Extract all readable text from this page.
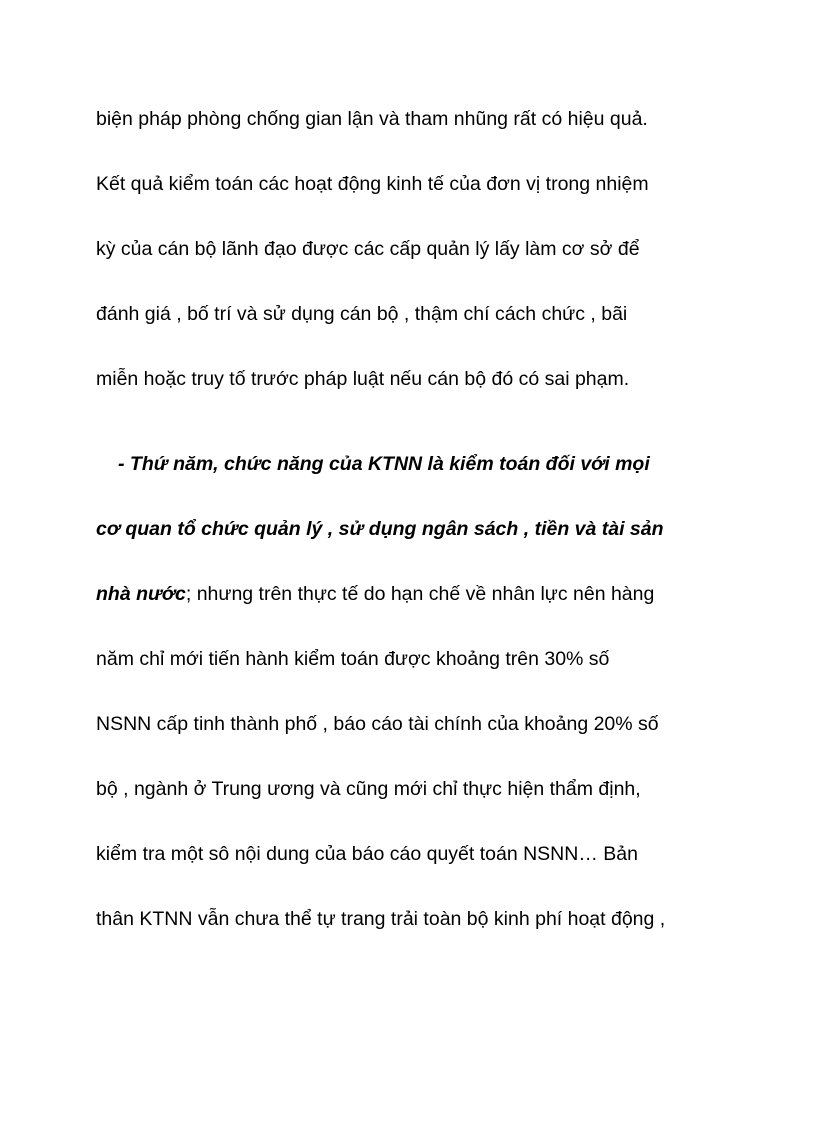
biện pháp phòng chống gian lận và tham nhũng rất có hiệu quả.
Kết quả kiểm toán các hoạt động kinh tế của đơn vị trong nhiệm
kỳ của cán bộ lãnh đạo được các cấp quản lý lấy làm cơ sở để
đánh giá , bố trí và sử dụng cán bộ , thậm chí cách chức , bãi
miễn hoặc truy tố trước pháp luật nếu cán bộ đó có sai phạm.
- Thứ năm, chức năng của KTNN là kiểm toán đối với mọi
cơ quan tổ chức quản lý , sử dụng ngân sách , tiền và tài sản
nhà nước; nhưng trên thực tế do hạn chế về nhân lực nên hàng
năm chỉ mới tiến hành kiểm toán được khoảng trên 30% số
NSNN cấp tinh thành phố , báo cáo tài chính của khoảng 20% số
bộ , ngành ở Trung ương và cũng mới chỉ thực hiện thẩm định,
kiểm tra một sô nội dung của báo cáo quyết toán NSNN… Bản
thân KTNN vẫn chưa thể tự trang trải toàn bộ kinh phí hoạt động ,
